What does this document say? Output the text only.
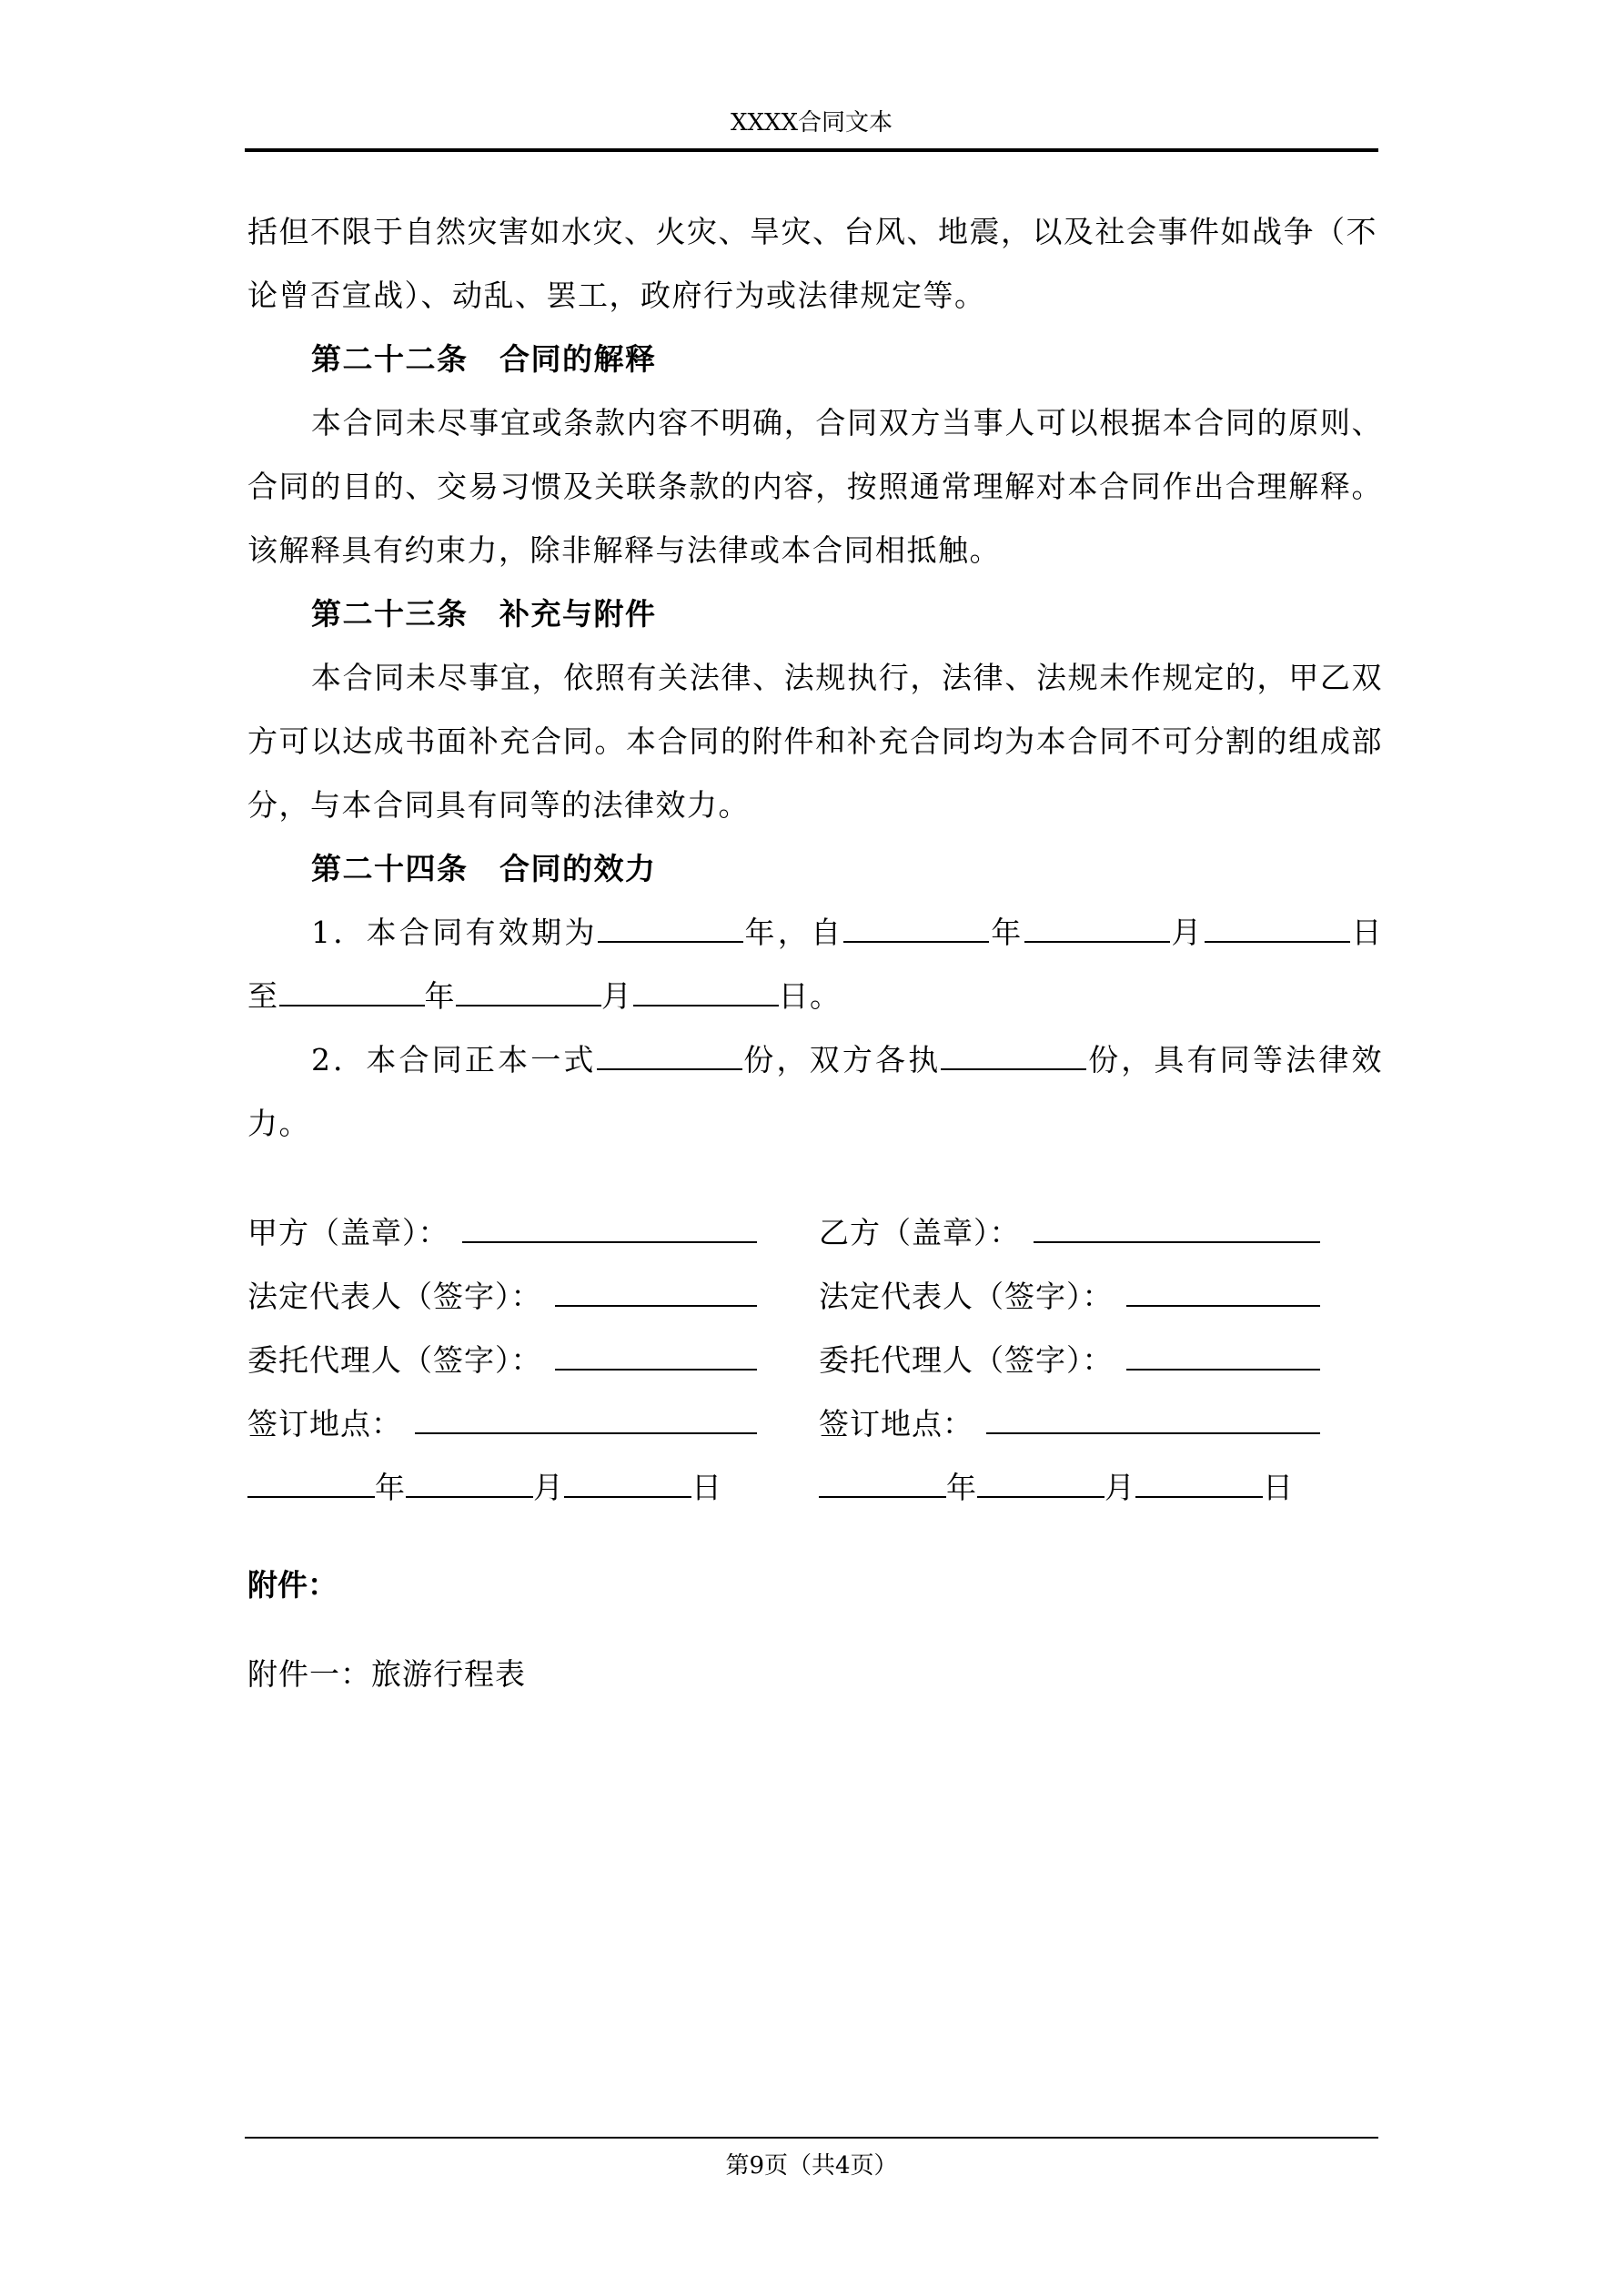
XXXX合同文本

括但不限于自然灾害如水灾、火灾、旱灾、台风、地震，以及社会事件如战争（不

论曾否宣战）、动乱、罢工，政府行为或法律规定等。

第二十二条　合同的解释

本合同未尽事宜或条款内容不明确，合同双方当事人可以根据本合同的原则、合同的目的、交易习惯及关联条款的内容，按照通常理解对本合同作出合理解释。该解释具有约束力，除非解释与法律或本合同相抵触。

第二十三条　补充与附件

本合同未尽事宜，依照有关法律、法规执行，法律、法规未作规定的，甲乙双方可以达成书面补充合同。本合同的附件和补充合同均为本合同不可分割的组成部分，与本合同具有同等的法律效力。

第二十四条　合同的效力

1．本合同有效期为	年，自	年	月	日至	年	月	日。

2．本合同正本一式	份，双方各执	份，具有同等法律效力。

甲方（盖章）：	乙方（盖章）：
法定代表人（签字）：	法定代表人（签字）：
委托代理人（签字）：	委托代理人（签字）：
签订地点：	签订地点：
年	月	日	年	月	日
附件：
附件一：旅游行程表
第9页（共4页）
